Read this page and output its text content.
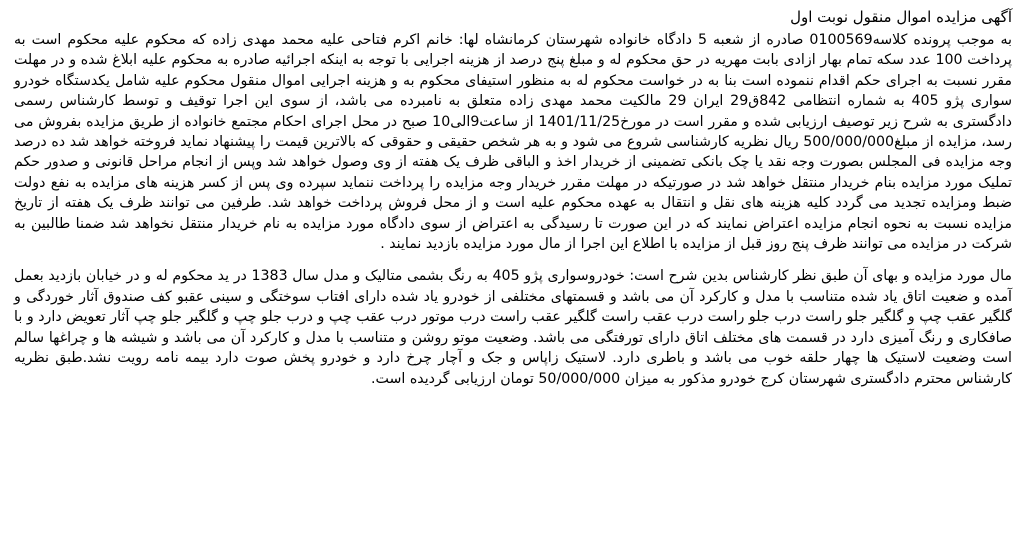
آگهی مزایده اموال منقول نوبت اول

به موجب پرونده کلاسه0100569 صادره از شعبه 5 دادگاه خانواده شهرستان کرمانشاه لها: خانم اکرم فتاحی علیه محمد مهدی زاده که محکوم علیه محکوم است به پرداخت 100 عدد سکه تمام بهار ازادی بابت مهریه در حق محکوم له و مبلغ پنج درصد از هزینه اجرایی با توجه به اینکه اجرائیه صادره به محکوم علیه ابلاغ شده و در مهلت مقرر نسبت به اجرای حکم اقدام ننموده است بنا به در خواست محکوم له به منظور استیفای محکوم به و هزینه اجرایی اموال منقول محکوم علیه شامل یکدستگاه خودرو سواری پژو 405 به شماره انتظامی 842ق29 ایران 29 مالکیت محمد مهدی زاده متعلق به نامبرده می باشد، از سوی این اجرا توقیف و توسط کارشناس رسمی دادگستری به شرح زیر توصیف ارزیابی شده و مقرر است در مورخ1401/11/25 از ساعت9الی10 صبح در محل اجرای احکام مجتمع خانواده از طریق مزایده بفروش می رسد، مزایده از مبلغ500/000/000 ریال نظریه کارشناسی شروع می شود و به هر شخص حقیقی و حقوقی که بالاترین قیمت را پیشنهاد نماید فروخته خواهد شد ده درصد وجه مزایده فی المجلس بصورت وجه نقد یا چک بانکی تضمینی از خریدار اخذ و الباقی ظرف یک هفته از وی وصول خواهد شد وپس از انجام مراحل قانونی و صدور حکم تملیک مورد مزایده بنام خریدار منتقل خواهد شد در صورتیکه در مهلت مقرر خریدار وجه مزایده را پرداخت ننماید سپرده وی پس از کسر هزینه های مزایده به نفع دولت ضبط ومزایده تجدید می گردد کلیه هزینه های نقل و انتقال به عهده محکوم علیه است و از محل فروش پرداخت خواهد شد. طرفین می توانند ظرف یک هفته از تاریخ مزایده نسبت به نحوه انجام مزایده اعتراض نمایند که در این صورت تا رسیدگی به اعتراض از سوی دادگاه مورد مزایده به نام خریدار منتقل نخواهد شد ضمنا طالبین به شرکت در مزایده می توانند ظرف پنج روز قبل از مزایده با اطلاع این اجرا از مال مورد مزایده بازدید نمایند .

مال مورد مزایده و بهای آن طبق نظر کارشناس بدین شرح است: خودروسواری پژو 405 به رنگ بشمی متالیک و مدل سال 1383 در ید محکوم له و در خیابان بازدید بعمل آمده و ضعیت اتاق یاد شده متناسب با مدل و کارکرد آن می باشد و قسمتهای مختلفی از خودرو یاد شده دارای افتاب سوختگی و سینی عقبو کف صندوق آثار خوردگی و گلگیر عقب چپ و گلگیر جلو راست درب جلو راست درب عقب راست گلگیر عقب راست درب موتور درب عقب چپ و درب جلو چپ و گلگیر جلو چپ آثار تعویض دارد و با صافکاری و رنگ آمیزی دارد در قسمت های مختلف اتاق دارای تورفتگی می باشد. وضعیت موتو روشن و متناسب با مدل و کارکرد آن می باشد و شیشه ها و چراغها سالم است وضعیت لاستیک ها چهار حلقه خوب می باشد و باطری دارد. لاستیک زاپاس و جک و آچار چرخ دارد و خودرو پخش صوت دارد بیمه نامه رویت نشد.طبق نظریه کارشناس محترم دادگستری شهرستان کرج خودرو مذکور به میزان 50/000/000 تومان ارزیابی گردیده است.
